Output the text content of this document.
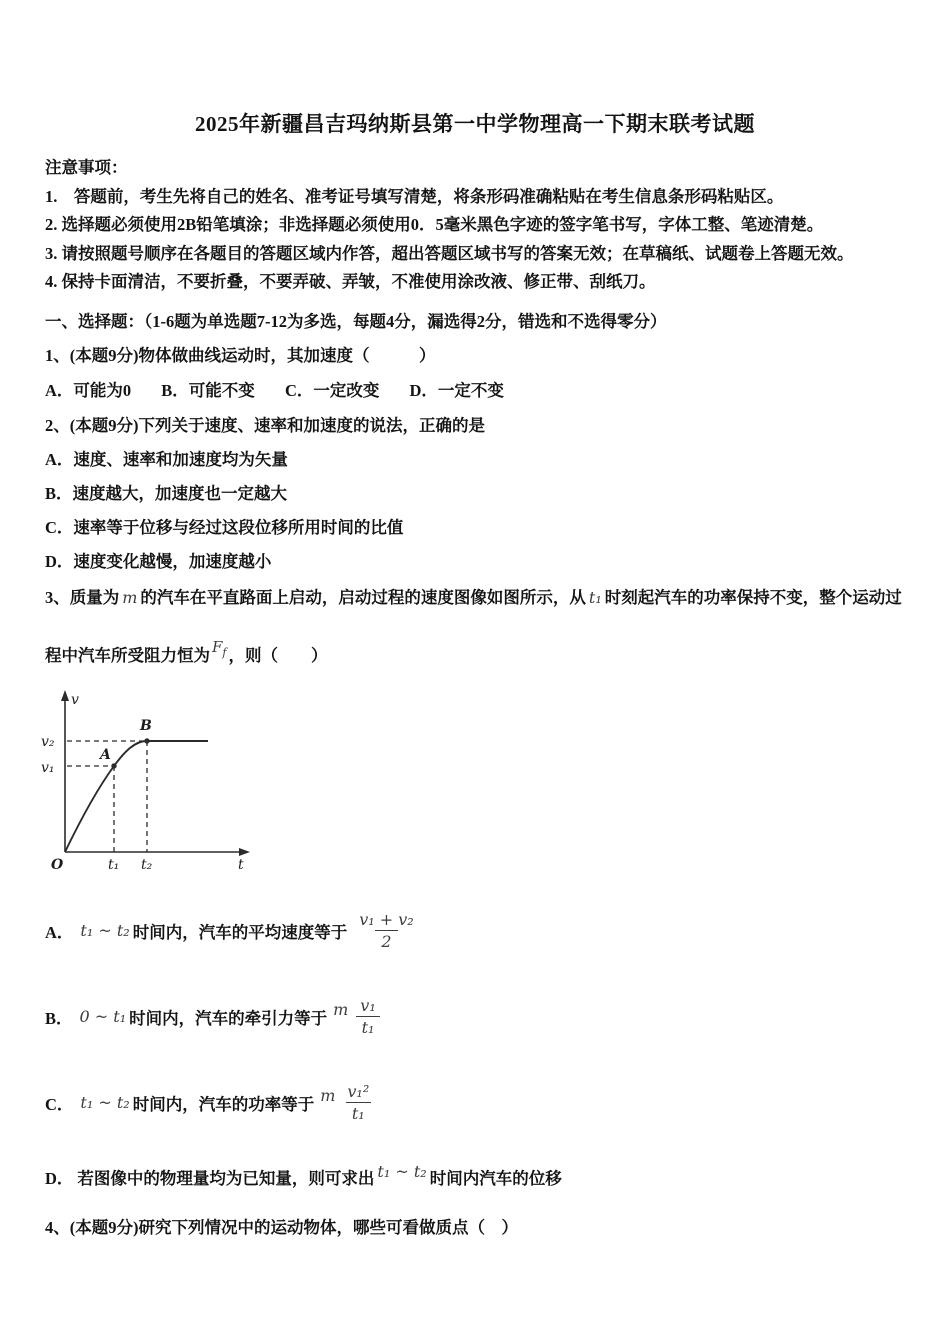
2025年新疆昌吉玛纳斯县第一中学物理高一下期末联考试题
注意事项：
1.　答题前，考生先将自己的姓名、准考证号填写清楚，将条形码准确粘贴在考生信息条形码粘贴区。
2. 选择题必须使用2B铅笔填涂；非选择题必须使用0．5毫米黑色字迹的签字笔书写，字体工整、笔迹清楚。
3. 请按照题号顺序在各题目的答题区域内作答，超出答题区域书写的答案无效；在草稿纸、试题卷上答题无效。
4. 保持卡面清洁，不要折叠，不要弄破、弄皱，不准使用涂改液、修正带、刮纸刀。
一、选择题：（1-6题为单选题7-12为多选，每题4分，漏选得2分，错选和不选得零分）
1、(本题9分)物体做曲线运动时，其加速度（　　　）
A．可能为0 B．可能不变 C．一定改变 D．一定不变
2、(本题9分)下列关于速度、速率和加速度的说法，正确的是
A．速度、速率和加速度均为矢量
B．速度越大，加速度也一定越大
C．速率等于位移与经过这段位移所用时间的比值
D．速度变化越慢，加速度越小
3、质量为 m 的汽车在平直路面上启动，启动过程的速度图像如图所示，从 t₁ 时刻起汽车的功率保持不变，整个运动过
程中汽车所受阻力恒为 $F_f$ ，则（　　）
v
t
O
v₂
v₁
t₁ t₂
A
B
A． t₁ ~ t₂ 时间内，汽车的平均速度等于 $\frac{\text{v₁ + v₂}}{2}$
B． 0 ~ t₁ 时间内，汽车的牵引力等于 m $\frac{\text{v₁}}{\text{t₁}}$
C． t₁ ~ t₂ 时间内，汽车的功率等于 m $\frac{\text{v₁²}}{\text{t₁}}$
D． 若图像中的物理量均为已知量，则可求出 t₁ ~ t₂ 时间内汽车的位移
4、(本题9分)研究下列情况中的运动物体，哪些可看做质点（　）
